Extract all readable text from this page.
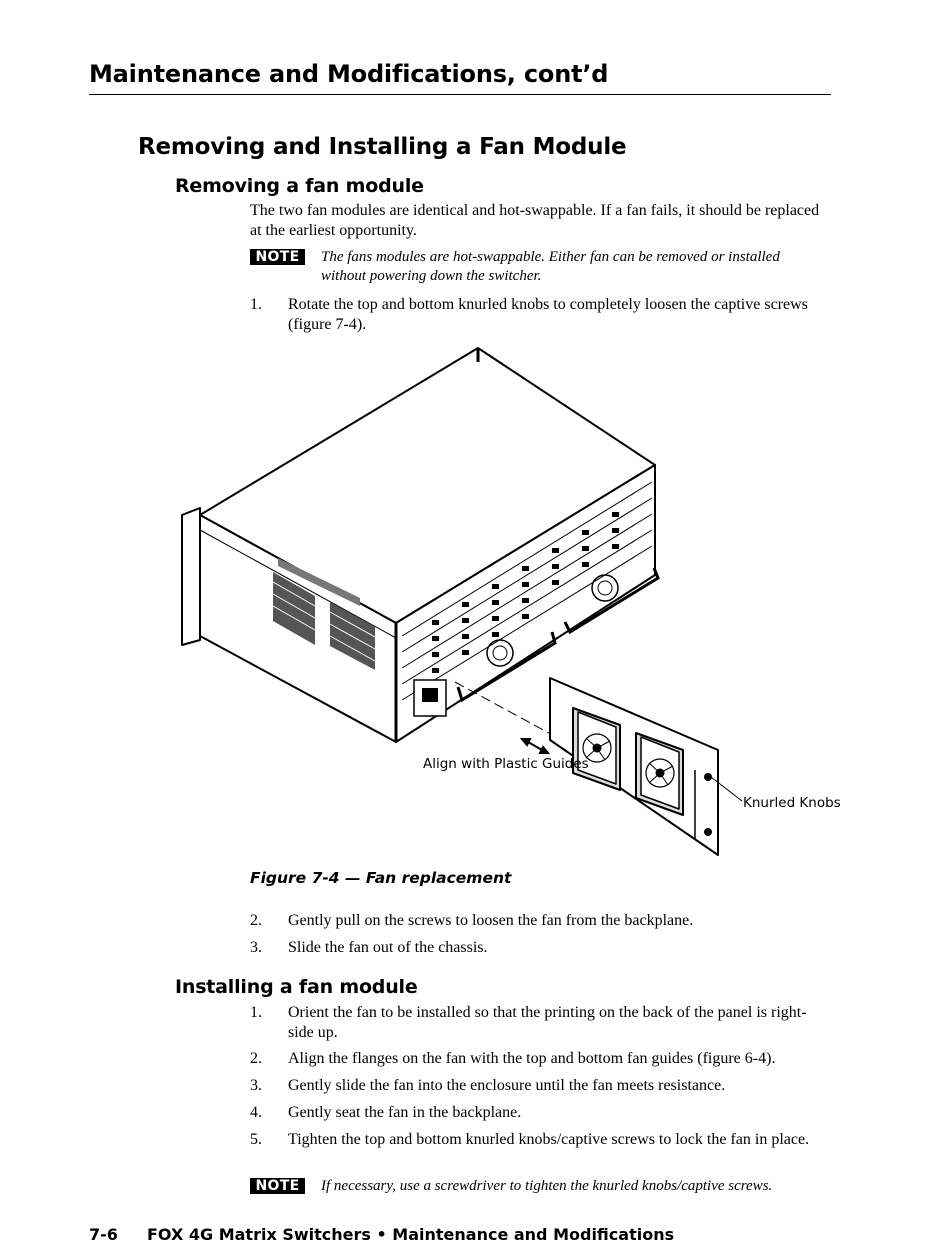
Maintenance and Modifications, cont’d
Removing and Installing a Fan Module
Removing a fan module
The two fan modules are identical and hot-swappable. If a fan fails, it should be replaced at the earliest opportunity.
NOTE	The fans modules are hot-swappable. Either fan can be removed or installed without powering down the switcher.
1. Rotate the top and bottom knurled knobs to completely loosen the captive screws (figure 7-4).
Align with Plastic Guides
Knurled Knobs
Figure 7-4 — Fan replacement
2. Gently pull on the screws to loosen the fan from the backplane.
3. Slide the fan out of the chassis.
Installing a fan module
1. Orient the fan to be installed so that the printing on the back of the panel is right-side up.
2. Align the flanges on the fan with the top and bottom fan guides (figure 6-4).
3. Gently slide the fan into the enclosure until the fan meets resistance.
4. Gently seat the fan in the backplane.
5. Tighten the top and bottom knurled knobs/captive screws to lock the fan in place.
NOTE	If necessary, use a screwdriver to tighten the knurled knobs/captive screws.
7-6 FOX 4G Matrix Switchers • Maintenance and Modifications
